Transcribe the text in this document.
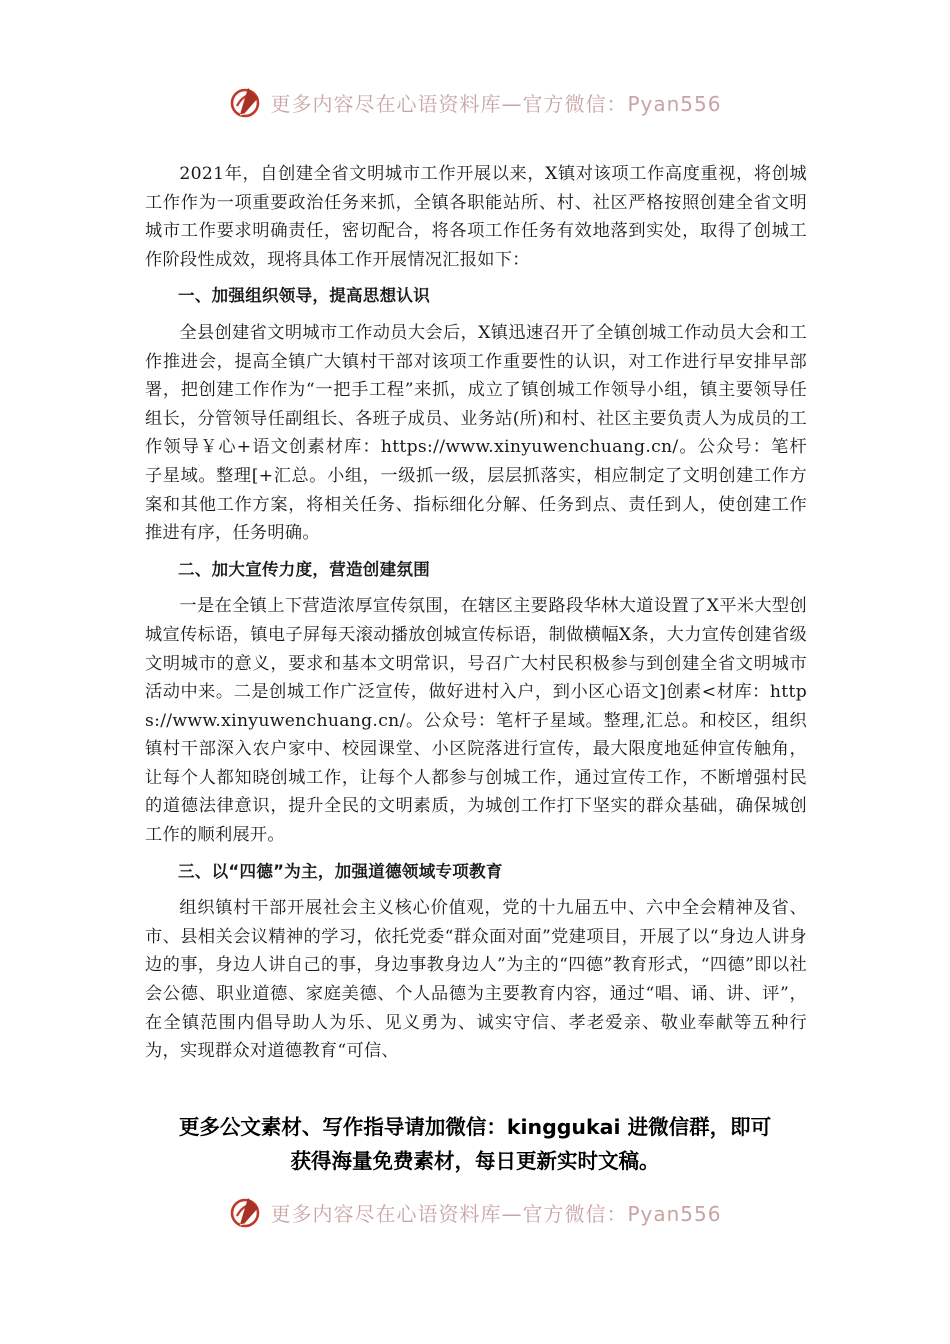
更多内容尽在心语资料库—官方微信：Pyan556

2021年，自创建全省文明城市工作开展以来，X镇对该项工作高度重视，将创城工作作为一项重要政治任务来抓，全镇各职能站所、村、社区严格按照创建全省文明城市工作要求明确责任，密切配合，将各项工作任务有效地落到实处，取得了创城工作阶段性成效，现将具体工作开展情况汇报如下：

一、加强组织领导，提高思想认识

全县创建省文明城市工作动员大会后，X镇迅速召开了全镇创城工作动员大会和工作推进会，提高全镇广大镇村干部对该项工作重要性的认识，对工作进行早安排早部署，把创建工作作为“一把手工程”来抓，成立了镇创城工作领导小组，镇主要领导任组长，分管领导任副组长、各班子成员、业务站(所)和村、社区主要负责人为成员的工作领导￥心+语文创素材库：https://www.xinyuwenchuang.cn/。公众号：笔杆子星域。整理[+汇总。小组，一级抓一级，层层抓落实，相应制定了文明创建工作方案和其他工作方案，将相关任务、指标细化分解、任务到点、责任到人，使创建工作推进有序，任务明确。

二、加大宣传力度，营造创建氛围

一是在全镇上下营造浓厚宣传氛围，在辖区主要路段华林大道设置了X平米大型创城宣传标语，镇电子屏每天滚动播放创城宣传标语，制做横幅X条，大力宣传创建省级文明城市的意义，要求和基本文明常识，号召广大村民积极参与到创建全省文明城市活动中来。二是创城工作广泛宣传，做好进村入户，到小区心语文]创素<材库：https://www.xinyuwenchuang.cn/。公众号：笔杆子星域。整理,汇总。和校区，组织镇村干部深入农户家中、校园课堂、小区院落进行宣传，最大限度地延伸宣传触角，让每个人都知晓创城工作，让每个人都参与创城工作，通过宣传工作，不断增强村民的道德法律意识，提升全民的文明素质，为城创工作打下坚实的群众基础，确保城创工作的顺利展开。

三、以“四德”为主，加强道德领域专项教育

组织镇村干部开展社会主义核心价值观，党的十九届五中、六中全会精神及省、市、县相关会议精神的学习，依托党委“群众面对面”党建项目，开展了以“身边人讲身边的事，身边人讲自己的事，身边事教身边人”为主的“四德”教育形式，“四德”即以社会公德、职业道德、家庭美德、个人品德为主要教育内容，通过“唱、诵、讲、评”，在全镇范围内倡导助人为乐、见义勇为、诚实守信、孝老爱亲、敬业奉献等五种行为，实现群众对道德教育“可信、

更多公文素材、写作指导请加微信：kinggukai 进微信群，即可
获得海量免费素材，每日更新实时文稿。
更多内容尽在心语资料库—官方微信：Pyan556
